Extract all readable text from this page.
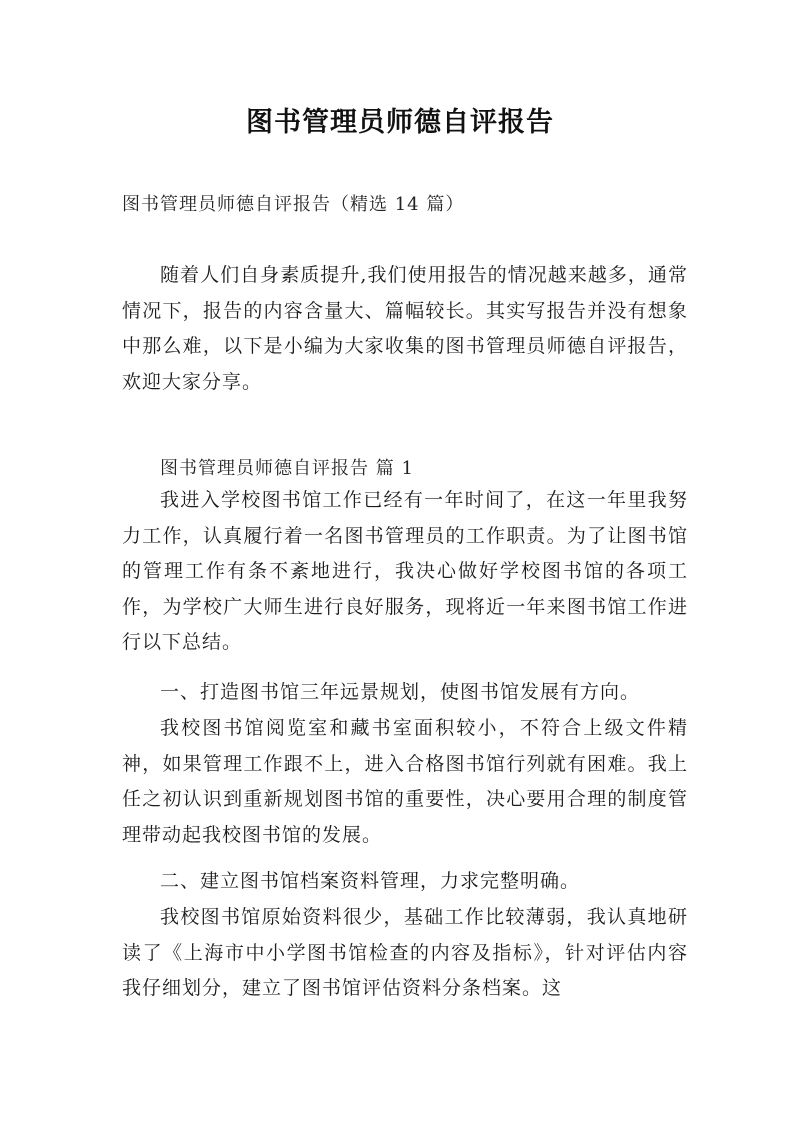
图书管理员师德自评报告
图书管理员师德自评报告（精选 14 篇）

随着人们自身素质提升,我们使用报告的情况越来越多，通常情况下，报告的内容含量大、篇幅较长。其实写报告并没有想象中那么难，以下是小编为大家收集的图书管理员师德自评报告，欢迎大家分享。

图书管理员师德自评报告 篇 1

我进入学校图书馆工作已经有一年时间了，在这一年里我努力工作，认真履行着一名图书管理员的工作职责。为了让图书馆的管理工作有条不紊地进行，我决心做好学校图书馆的各项工作，为学校广大师生进行良好服务，现将近一年来图书馆工作进行以下总结。

一、打造图书馆三年远景规划，使图书馆发展有方向。

我校图书馆阅览室和藏书室面积较小，不符合上级文件精神，如果管理工作跟不上，进入合格图书馆行列就有困难。我上任之初认识到重新规划图书馆的重要性，决心要用合理的制度管理带动起我校图书馆的发展。

二、建立图书馆档案资料管理，力求完整明确。

我校图书馆原始资料很少，基础工作比较薄弱，我认真地研读了《上海市中小学图书馆检查的内容及指标》，针对评估内容我仔细划分，建立了图书馆评估资料分条档案。这
